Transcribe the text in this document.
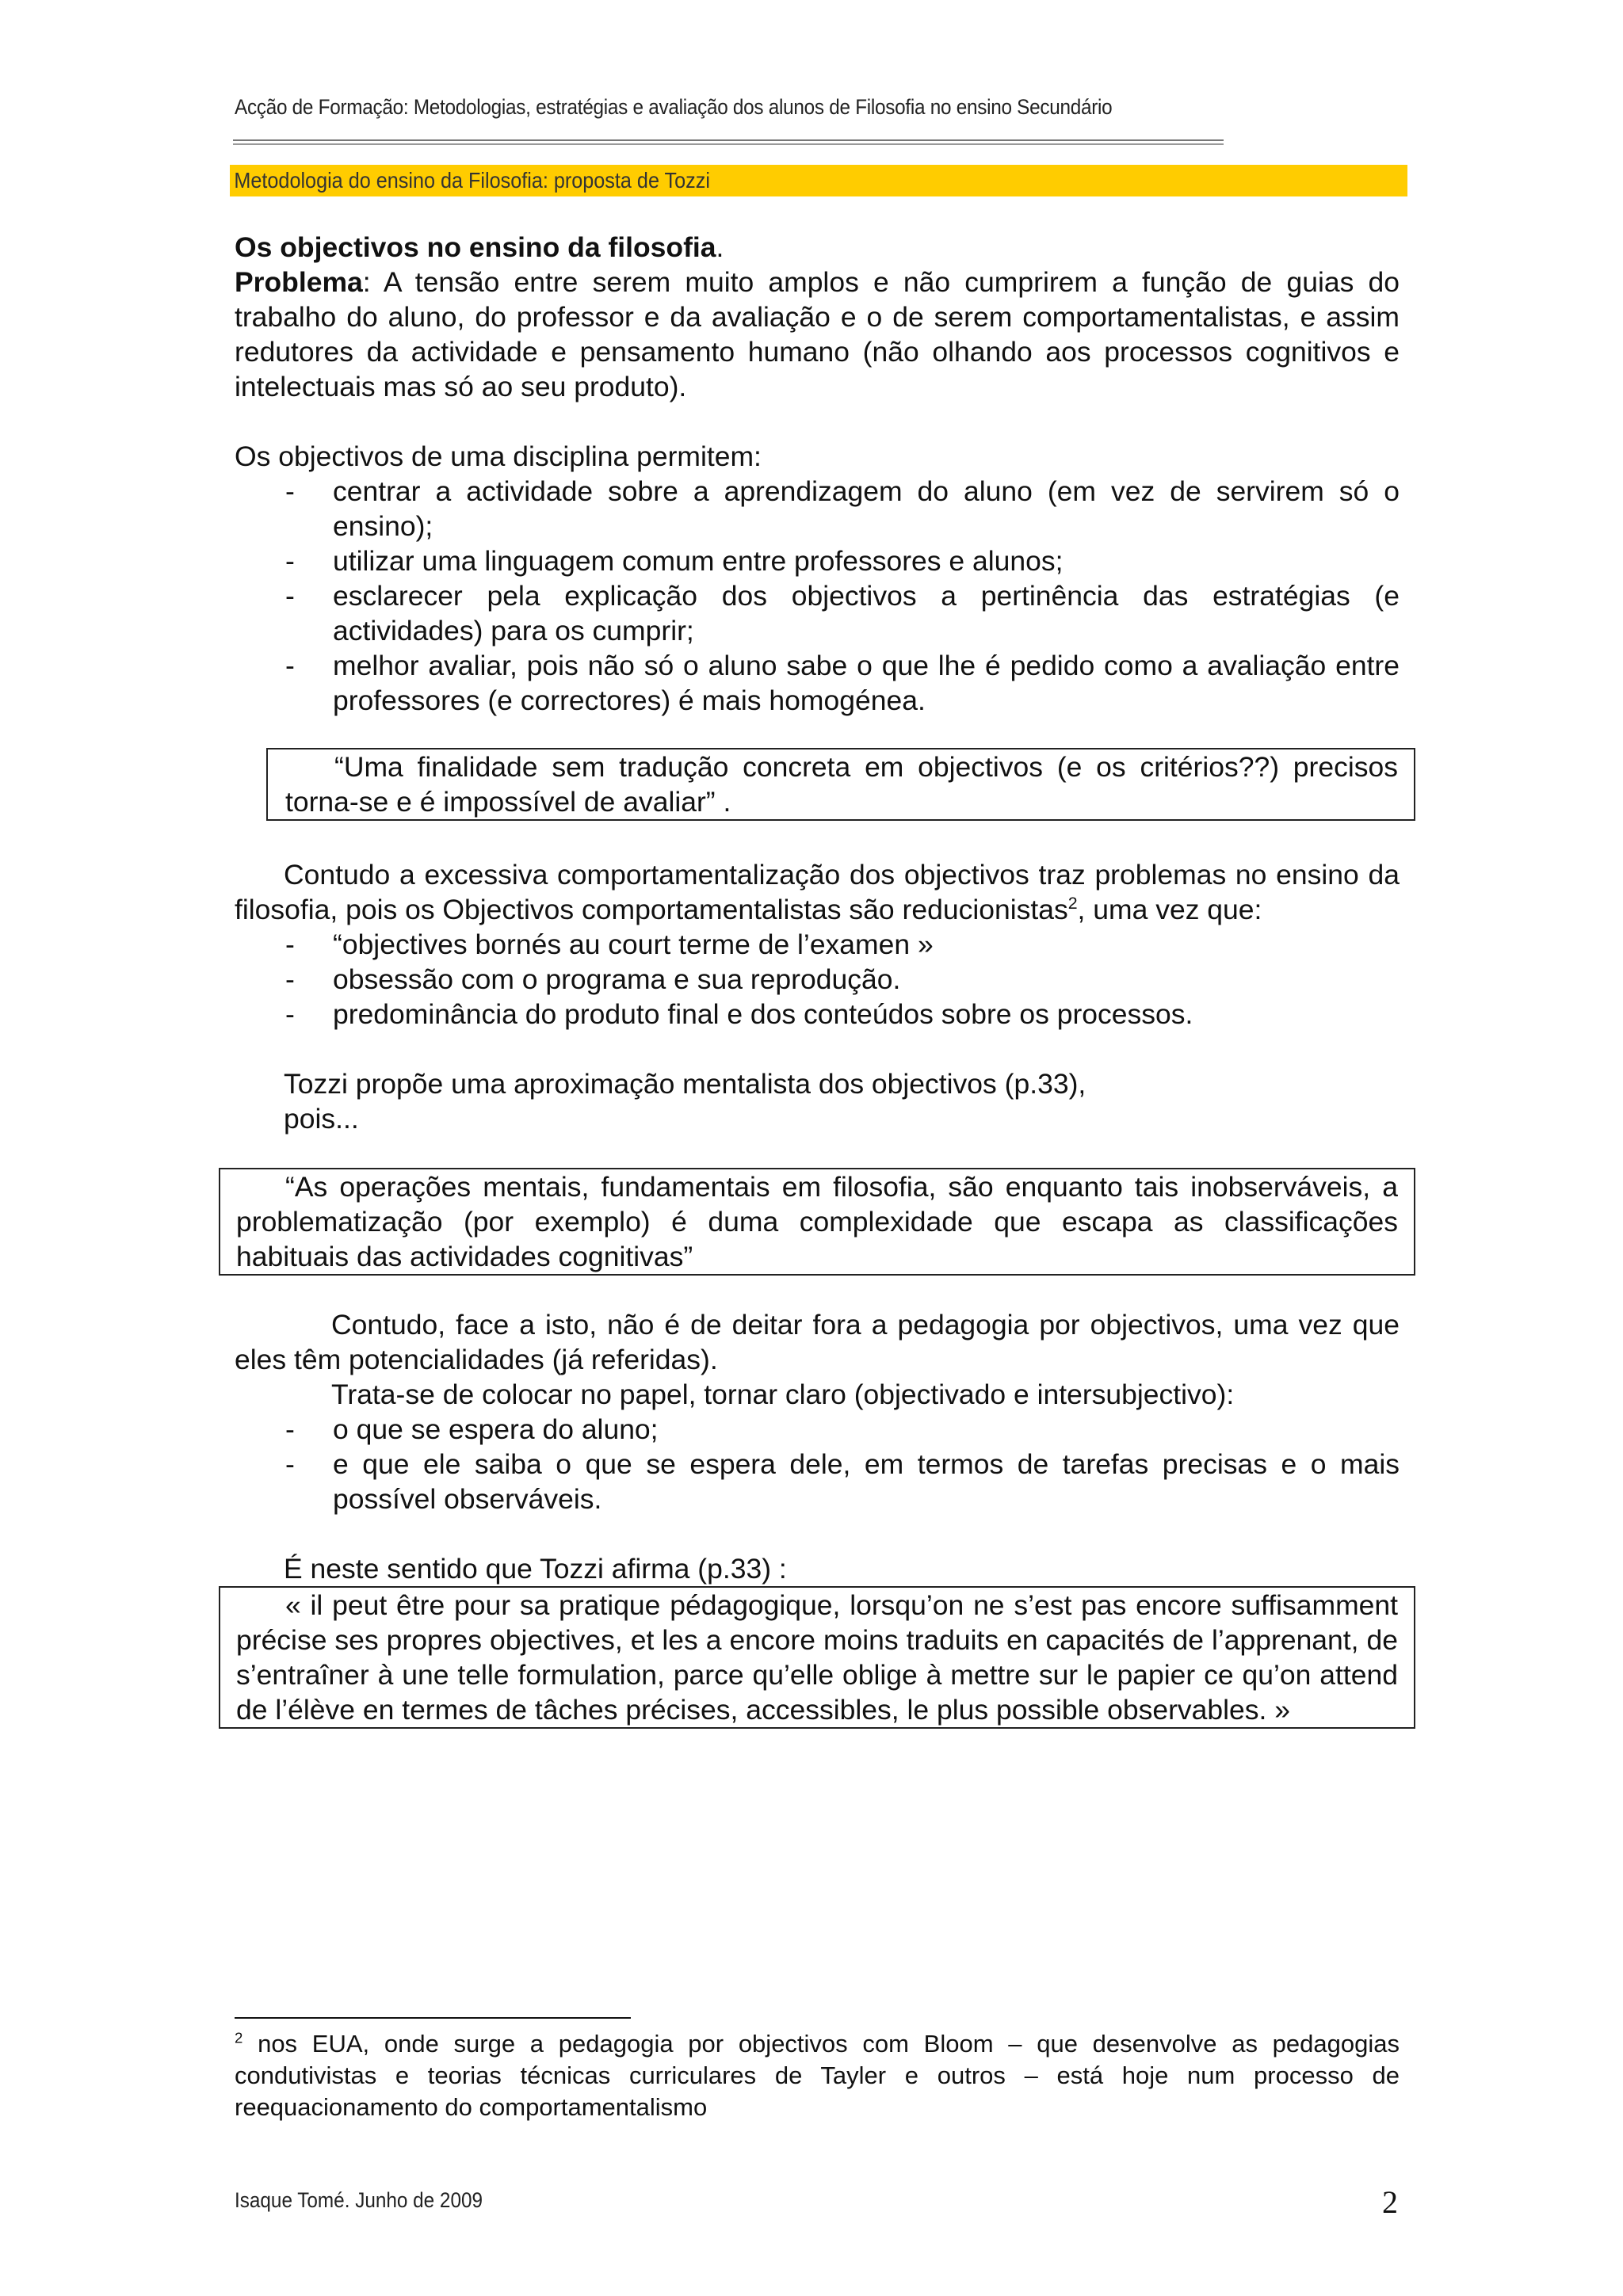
Acção de Formação: Metodologias, estratégias e avaliação dos alunos de Filosofia no ensino Secundário
Metodologia do ensino da Filosofia: proposta de Tozzi

Os objectivos no ensino da filosofia.

Problema: A tensão entre serem muito amplos e não cumprirem a função de guias do trabalho do aluno, do professor e da avaliação e o de serem comportamentalistas, e assim redutores da actividade e pensamento humano (não olhando aos processos cognitivos e intelectuais mas só ao seu produto).

Os objectivos de uma disciplina permitem:

- centrar a actividade sobre a aprendizagem do aluno (em vez de servirem só o ensino);
- utilizar uma linguagem comum entre professores e alunos;
- esclarecer pela explicação dos objectivos a pertinência das estratégias (e actividades) para os cumprir;
- melhor avaliar, pois não só o aluno sabe o que lhe é pedido como a avaliação entre professores (e correctores) é mais homogénea.

“Uma finalidade sem tradução concreta em objectivos (e os critérios??) precisos torna-se e é impossível de avaliar” .

Contudo a excessiva comportamentalização dos objectivos traz problemas no ensino da filosofia, pois os Objectivos comportamentalistas são reducionistas$^2$, uma vez que:

- “objectives bornés au court terme de l’examen »
- obsessão com o programa e sua reprodução.
- predominância do produto final e dos conteúdos sobre os processos.

Tozzi propõe uma aproximação mentalista dos objectivos (p.33),
pois...

“As operações mentais, fundamentais em filosofia, são enquanto tais inobserváveis, a problematização (por exemplo) é duma complexidade que escapa as classificações habituais das actividades cognitivas”

Contudo, face a isto, não é de deitar fora a pedagogia por objectivos, uma vez que eles têm potencialidades (já referidas).

Trata-se de colocar no papel, tornar claro (objectivado e intersubjectivo):

- o que se espera do aluno;
- e que ele saiba o que se espera dele, em termos de tarefas precisas e o mais possível observáveis.

É neste sentido que Tozzi afirma (p.33) :

« il peut être pour sa pratique pédagogique, lorsqu’on ne s’est pas encore suffisamment précise ses propres objectives, et les a encore moins traduits en capacités de l’apprenant, de s’entraîner à une telle formulation, parce qu’elle oblige à mettre sur le papier ce qu’on attend de l’élève en termes de tâches précises, accessibles, le plus possible observables. »

$^2$ nos EUA, onde surge a pedagogia por objectivos com Bloom – que desenvolve as pedagogias condutivistas e teorias técnicas curriculares de Tayler e outros – está hoje num processo de reequacionamento do comportamentalismo
Isaque Tomé. Junho de 2009	2
